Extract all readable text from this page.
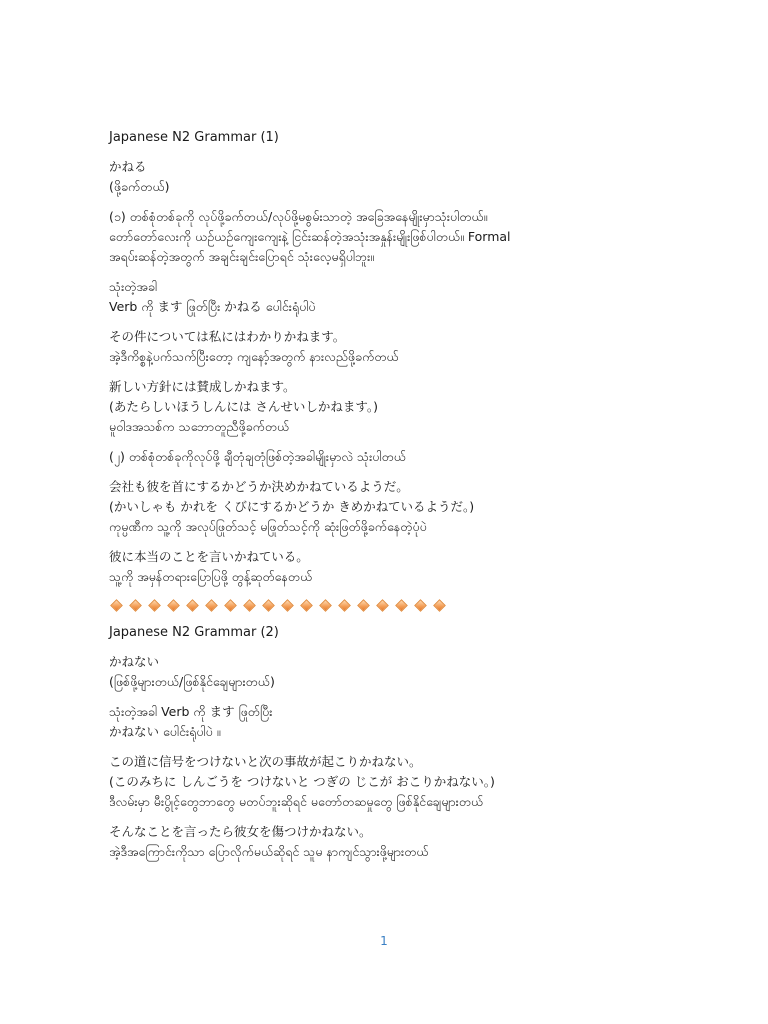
Japanese N2 Grammar (1)
かねる
(ဖို့ခက်တယ်)
(၁) တစ်စုံတစ်ခုကို လုပ်ဖို့ခက်တယ်/လုပ်ဖို့မစွမ်းသာတဲ့ အခြေအနေမျိုးမှာသုံးပါတယ်။
တော်တော်လေးကို ယဉ်ယဉ်ကျေးကျေးနဲ့ ငြင်းဆန်တဲ့အသုံးအနှုန်းမျိုးဖြစ်ပါတယ်။ Formal
အရပ်းဆန်တဲ့အတွက် အချင်းချင်းပြောရင် သုံးလေ့မရှိပါဘူး။
သုံးတဲ့အခါ
Verb ကို ます ဖြုတ်ပြီး かねる ပေါင်းရုံပါပဲ
その件については私にはわかりかねます。
အဲ့ဒီကိစ္စနဲ့ပက်သက်ပြီးတော့ ကျနော့်အတွက် နားလည်ဖို့ခက်တယ်
新しい方針には賛成しかねます。
(あたらしいほうしんには さんせいしかねます。)
မူဝါဒအသစ်က သဘောတူညီဖို့ခက်တယ်
(၂) တစ်စုံတစ်ခုကိုလုပ်ဖို့ ချီတုံချတုံဖြစ်တဲ့အခါမျိုးမှာလဲ သုံးပါတယ်
会社も彼を首にするかどうか決めかねているようだ。
(かいしゃも かれを くびにするかどうか きめかねているようだ。)
ကုမ္ပဏီက သူ့ကို အလုပ်ဖြုတ်သင့် မဖြုတ်သင့်ကို ဆုံးဖြတ်ဖို့ခက်နေတဲ့ပုံပဲ
彼に本当のことを言いかねている。
သူ့ကို အမှန်တရားပြောပြဖို့ တွန့်ဆုတ်နေတယ်
Japanese N2 Grammar (2)
かねない
(ဖြစ်ဖို့များတယ်/ဖြစ်နိုင်ချေများတယ်)
သုံးတဲ့အခါ Verb ကို ます ဖြုတ်ပြီး
かねない ပေါင်းရုံပါပဲ ။
この道に信号をつけないと次の事故が起こりかねない。
(このみちに しんごうを つけないと つぎの じこが おこりかねない。)
ဒီလမ်းမှာ မီးပွိုင့်တွေဘာတွေ မတပ်ဘူးဆိုရင် မတော်တဆမှုတွေ ဖြစ်နိုင်ချေများတယ်
そんなことを言ったら彼女を傷つけかねない。
အဲ့ဒီအကြောင်းကိုသာ ပြောလိုက်မယ်ဆိုရင် သူမ နာကျင်သွားဖို့များတယ်
1
